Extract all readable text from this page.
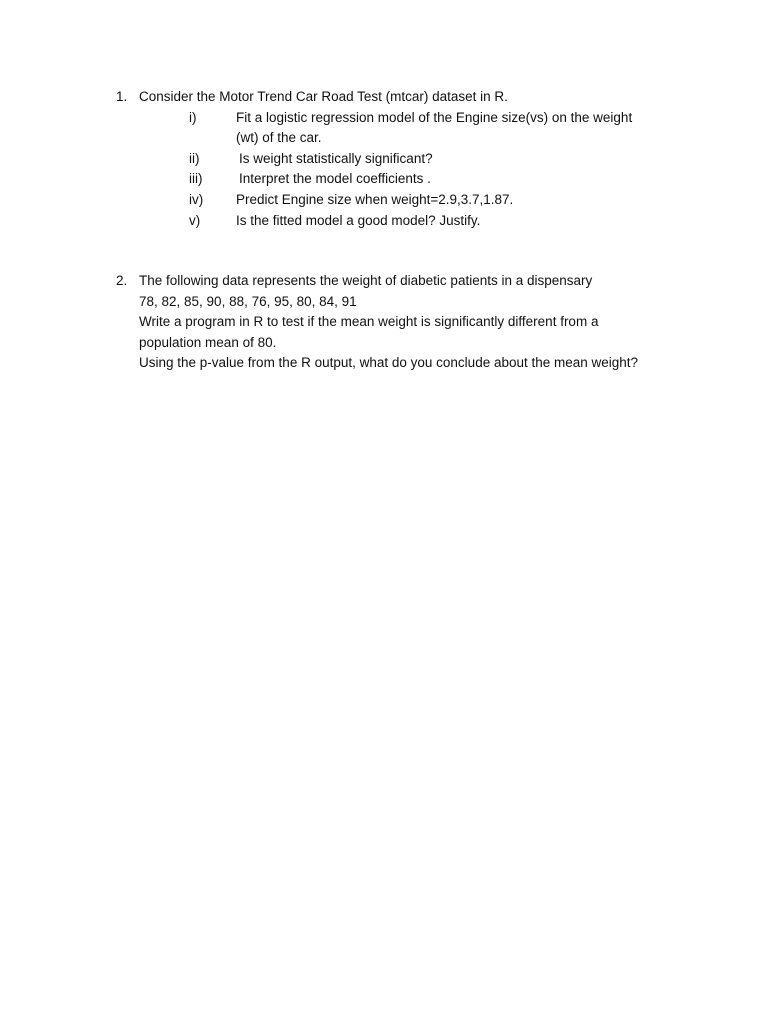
1. Consider the Motor Trend Car Road Test (mtcar) dataset in R.
i)	Fit a logistic regression model of the Engine size(vs) on the weight
(wt) of the car.
ii)	Is weight statistically significant?
iii)	Interpret the model coefficients .
iv) Predict Engine size when weight=2.9,3.7,1.87.
v)	Is the fitted model a good model? Justify.
2. The following data represents the weight of diabetic patients in a dispensary
78, 82, 85, 90, 88, 76, 95, 80, 84, 91
Write a program in R to test if the mean weight is significantly different from a
population mean of 80.
Using the p-value from the R output, what do you conclude about the mean weight?
